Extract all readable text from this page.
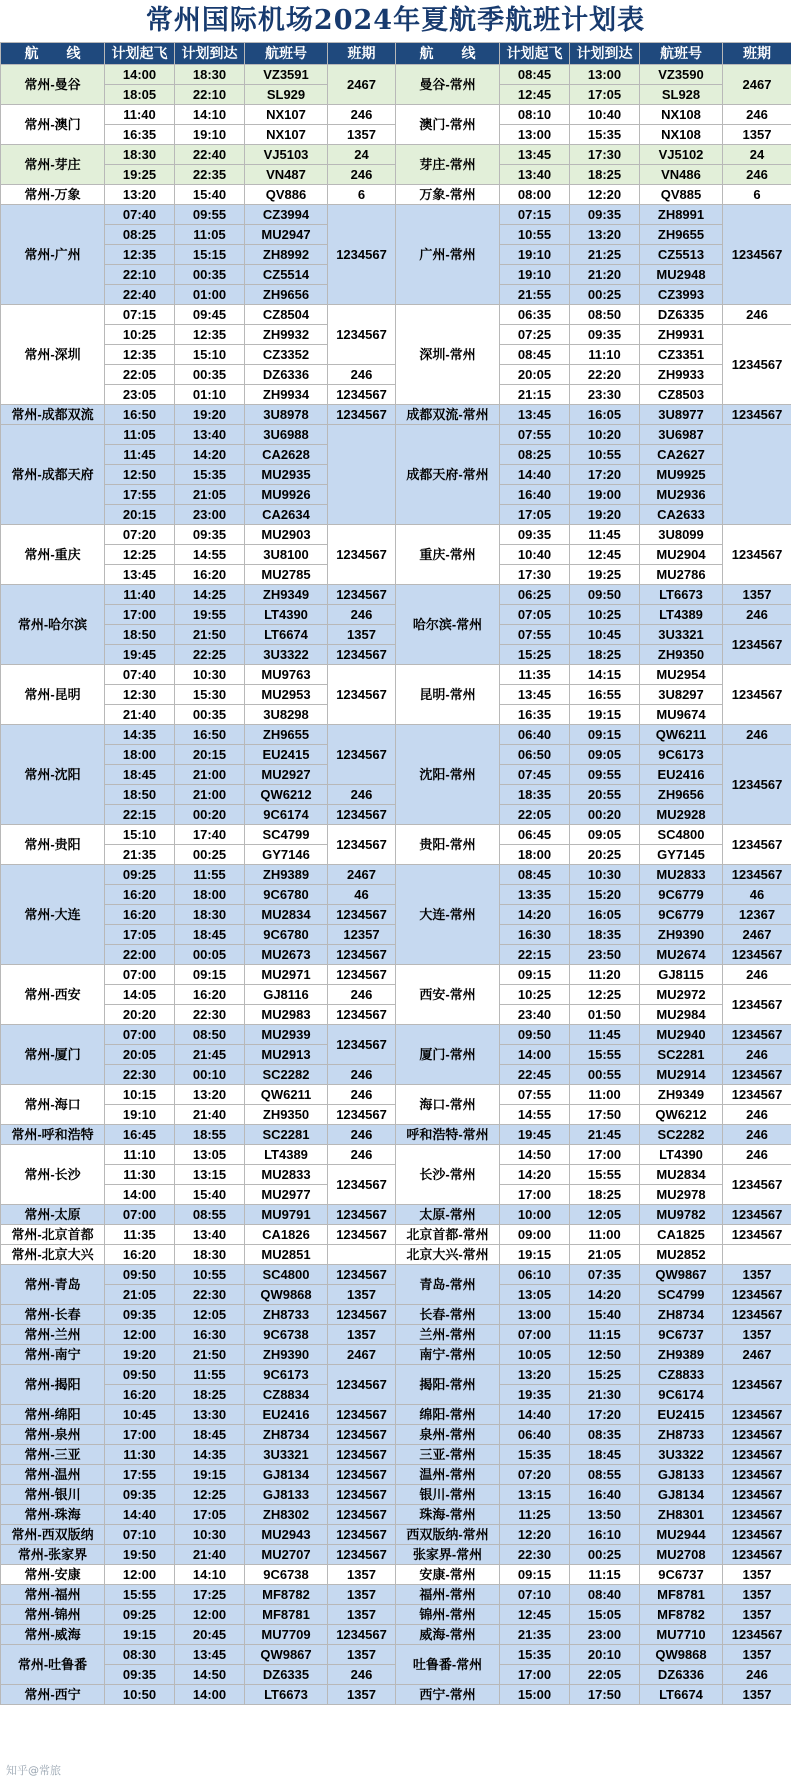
常州国际机场2024年夏航季航班计划表
航　　线	计划起飞	计划到达	航班号	班期	航　　线	计划起飞	计划到达	航班号	班期
常州-曼谷	14:00	18:30	VZ3591	2467	曼谷-常州	08:45	13:00	VZ3590	2467
	18:05	22:10	SL929			12:45	17:05	SL928	
常州-澳门	11:40	14:10	NX107	246	澳门-常州	08:10	10:40	NX108	246
	16:35	19:10	NX107	1357		13:00	15:35	NX108	1357
常州-芽庄	18:30	22:40	VJ5103	24	芽庄-常州	13:45	17:30	VJ5102	24
	19:25	22:35	VN487	246		13:40	18:25	VN486	246
常州-万象	13:20	15:40	QV886	6	万象-常州	08:00	12:20	QV885	6
常州-广州	07:40	09:55	CZ3994	1234567	广州-常州	07:15	09:35	ZH8991	1234567
	08:25	11:05	MU2947			10:55	13:20	ZH9655	
	12:35	15:15	ZH8992			19:10	21:25	CZ5513	
	22:10	00:35	CZ5514			19:10	21:20	MU2948	
	22:40	01:00	ZH9656			21:55	00:25	CZ3993	
常州-深圳	07:15	09:45	CZ8504	1234567	深圳-常州	06:35	08:50	DZ6335	246
	10:25	12:35	ZH9932			07:25	09:35	ZH9931	1234567
	12:35	15:10	CZ3352			08:45	11:10	CZ3351	
	22:05	00:35	DZ6336	246		20:05	22:20	ZH9933	
	23:05	01:10	ZH9934	1234567		21:15	23:30	CZ8503	
常州-成都双流	16:50	19:20	3U8978	1234567	成都双流-常州	13:45	16:05	3U8977	1234567
常州-成都天府	11:05	13:40	3U6988		成都天府-常州	07:55	10:20	3U6987	
	11:45	14:20	CA2628			08:25	10:55	CA2627	
	12:50	15:35	MU2935			14:40	17:20	MU9925	
	17:55	21:05	MU9926			16:40	19:00	MU2936	
	20:15	23:00	CA2634			17:05	19:20	CA2633	
常州-重庆	07:20	09:35	MU2903	1234567	重庆-常州	09:35	11:45	3U8099	1234567
	12:25	14:55	3U8100			10:40	12:45	MU2904	
	13:45	16:20	MU2785			17:30	19:25	MU2786	
常州-哈尔滨	11:40	14:25	ZH9349	1234567	哈尔滨-常州	06:25	09:50	LT6673	1357
	17:00	19:55	LT4390	246		07:05	10:25	LT4389	246
	18:50	21:50	LT6674	1357		07:55	10:45	3U3321	1234567
	19:45	22:25	3U3322	1234567		15:25	18:25	ZH9350	
常州-昆明	07:40	10:30	MU9763	1234567	昆明-常州	11:35	14:15	MU2954	1234567
	12:30	15:30	MU2953			13:45	16:55	3U8297	
	21:40	00:35	3U8298			16:35	19:15	MU9674	
常州-沈阳	14:35	16:50	ZH9655	1234567	沈阳-常州	06:40	09:15	QW6211	246
	18:00	20:15	EU2415			06:50	09:05	9C6173	1234567
	18:45	21:00	MU2927			07:45	09:55	EU2416	
	18:50	21:00	QW6212	246		18:35	20:55	ZH9656	
	22:15	00:20	9C6174	1234567		22:05	00:20	MU2928	
常州-贵阳	15:10	17:40	SC4799	1234567	贵阳-常州	06:45	09:05	SC4800	1234567
	21:35	00:25	GY7146			18:00	20:25	GY7145	
常州-大连	09:25	11:55	ZH9389	2467	大连-常州	08:45	10:30	MU2833	1234567
	16:20	18:00	9C6780	46		13:35	15:20	9C6779	46
	16:20	18:30	MU2834	1234567		14:20	16:05	9C6779	12367
	17:05	18:45	9C6780	12357		16:30	18:35	ZH9390	2467
	22:00	00:05	MU2673	1234567		22:15	23:50	MU2674	1234567
常州-西安	07:00	09:15	MU2971	1234567	西安-常州	09:15	11:20	GJ8115	246
	14:05	16:20	GJ8116	246		10:25	12:25	MU2972	1234567
	20:20	22:30	MU2983	1234567		23:40	01:50	MU2984	
常州-厦门	07:00	08:50	MU2939	1234567	厦门-常州	09:50	11:45	MU2940	1234567
	20:05	21:45	MU2913			14:00	15:55	SC2281	246
	22:30	00:10	SC2282	246		22:45	00:55	MU2914	1234567
常州-海口	10:15	13:20	QW6211	246	海口-常州	07:55	11:00	ZH9349	1234567
	19:10	21:40	ZH9350	1234567		14:55	17:50	QW6212	246
常州-呼和浩特	16:45	18:55	SC2281	246	呼和浩特-常州	19:45	21:45	SC2282	246
常州-长沙	11:10	13:05	LT4389	246	长沙-常州	14:50	17:00	LT4390	246
	11:30	13:15	MU2833	1234567		14:20	15:55	MU2834	1234567
	14:00	15:40	MU2977			17:00	18:25	MU2978	
常州-太原	07:00	08:55	MU9791	1234567	太原-常州	10:00	12:05	MU9782	1234567
常州-北京首都	11:35	13:40	CA1826	1234567	北京首都-常州	09:00	11:00	CA1825	1234567
常州-北京大兴	16:20	18:30	MU2851		北京大兴-常州	19:15	21:05	MU2852	
常州-青岛	09:50	10:55	SC4800	1234567	青岛-常州	06:10	07:35	QW9867	1357
	21:05	22:30	QW9868	1357		13:05	14:20	SC4799	1234567
常州-长春	09:35	12:05	ZH8733	1234567	长春-常州	13:00	15:40	ZH8734	1234567
常州-兰州	12:00	16:30	9C6738	1357	兰州-常州	07:00	11:15	9C6737	1357
常州-南宁	19:20	21:50	ZH9390	2467	南宁-常州	10:05	12:50	ZH9389	2467
常州-揭阳	09:50	11:55	9C6173	1234567	揭阳-常州	13:20	15:25	CZ8833	1234567
	16:20	18:25	CZ8834			19:35	21:30	9C6174	
常州-绵阳	10:45	13:30	EU2416	1234567	绵阳-常州	14:40	17:20	EU2415	1234567
常州-泉州	17:00	18:45	ZH8734	1234567	泉州-常州	06:40	08:35	ZH8733	1234567
常州-三亚	11:30	14:35	3U3321	1234567	三亚-常州	15:35	18:45	3U3322	1234567
常州-温州	17:55	19:15	GJ8134	1234567	温州-常州	07:20	08:55	GJ8133	1234567
常州-银川	09:35	12:25	GJ8133	1234567	银川-常州	13:15	16:40	GJ8134	1234567
常州-珠海	14:40	17:05	ZH8302	1234567	珠海-常州	11:25	13:50	ZH8301	1234567
常州-西双版纳	07:10	10:30	MU2943	1234567	西双版纳-常州	12:20	16:10	MU2944	1234567
常州-张家界	19:50	21:40	MU2707	1234567	张家界-常州	22:30	00:25	MU2708	1234567
常州-安康	12:00	14:10	9C6738	1357	安康-常州	09:15	11:15	9C6737	1357
常州-福州	15:55	17:25	MF8782	1357	福州-常州	07:10	08:40	MF8781	1357
常州-锦州	09:25	12:00	MF8781	1357	锦州-常州	12:45	15:05	MF8782	1357
常州-威海	19:15	20:45	MU7709	1234567	威海-常州	21:35	23:00	MU7710	1234567
常州-吐鲁番	08:30	13:45	QW9867	1357	吐鲁番-常州	15:35	20:10	QW9868	1357
	09:35	14:50	DZ6335	246		17:00	22:05	DZ6336	246
常州-西宁	10:50	14:00	LT6673	1357	西宁-常州	15:00	17:50	LT6674	1357
知乎@常旅
